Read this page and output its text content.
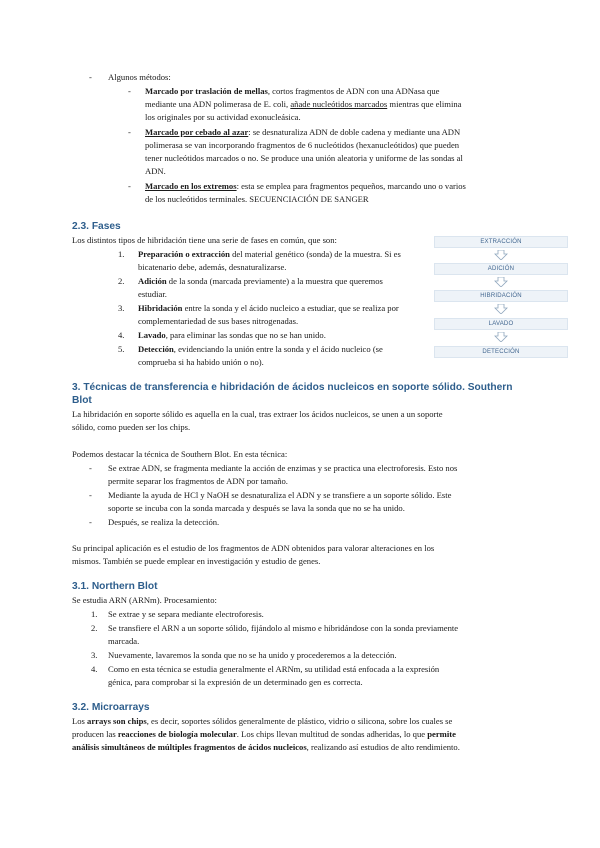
- Algunos métodos:

- Marcado por traslación de mellas, cortos fragmentos de ADN con una ADNasa que

mediante una ADN polimerasa de E. coli, añade nucleótidos marcados mientras que elimina

los originales por su actividad exonucleásica.

- Marcado por cebado al azar: se desnaturaliza ADN de doble cadena y mediante una ADN

polimerasa se van incorporando fragmentos de 6 nucleótidos (hexanucleótidos) que pueden

tener nucleótidos marcados o no. Se produce una unión aleatoria y uniforme de las sondas al

ADN.

- Marcado en los extremos: esta se emplea para fragmentos pequeños, marcando uno o varios

de los nucleótidos terminales. SECUENCIACIÓN DE SANGER

2.3. Fases

Los distintos tipos de hibridación tiene una serie de fases en común, que son:

1. Preparación o extracción del material genético (sonda) de la muestra. Si es

bicatenario debe, además, desnaturalizarse.

2. Adición de la sonda (marcada previamente) a la muestra que queremos

estudiar.

3. Hibridación entre la sonda y el ácido nucleico a estudiar, que se realiza por

complementariedad de sus bases nitrogenadas.

4. Lavado, para eliminar las sondas que no se han unido.

5. Detección, evidenciando la unión entre la sonda y el ácido nucleico (se

comprueba si ha habido unión o no).

EXTRACCIÓN
ADICIÓN
HIBRIDACIÓN
LAVADO
DETECCIÓN

3. Técnicas de transferencia e hibridación de ácidos nucleicos en soporte sólido. Southern

Blot

La hibridación en soporte sólido es aquella en la cual, tras extraer los ácidos nucleicos, se unen a un soporte

sólido, como pueden ser los chips.

Podemos destacar la técnica de Southern Blot. En esta técnica:

- Se extrae ADN, se fragmenta mediante la acción de enzimas y se practica una electroforesis. Esto nos

permite separar los fragmentos de ADN por tamaño.

- Mediante la ayuda de HCl y NaOH se desnaturaliza el ADN y se transfiere a un soporte sólido. Este

soporte se incuba con la sonda marcada y después se lava la sonda que no se ha unido.

- Después, se realiza la detección.

Su principal aplicación es el estudio de los fragmentos de ADN obtenidos para valorar alteraciones en los

mismos. También se puede emplear en investigación y estudio de genes.

3.1. Northern Blot

Se estudia ARN (ARNm). Procesamiento:

1. Se extrae y se separa mediante electroforesis.

2. Se transfiere el ARN a un soporte sólido, fijándolo al mismo e hibridándose con la sonda previamente

marcada.

3. Nuevamente, lavaremos la sonda que no se ha unido y procederemos a la detección.

4. Como en esta técnica se estudia generalmente el ARNm, su utilidad está enfocada a la expresión

génica, para comprobar si la expresión de un determinado gen es correcta.

3.2. Microarrays

Los arrays son chips, es decir, soportes sólidos generalmente de plástico, vidrio o silicona, sobre los cuales se

producen las reacciones de biología molecular. Los chips llevan multitud de sondas adheridas, lo que permite

análisis simultáneos de múltiples fragmentos de ácidos nucleicos, realizando así estudios de alto rendimiento.
